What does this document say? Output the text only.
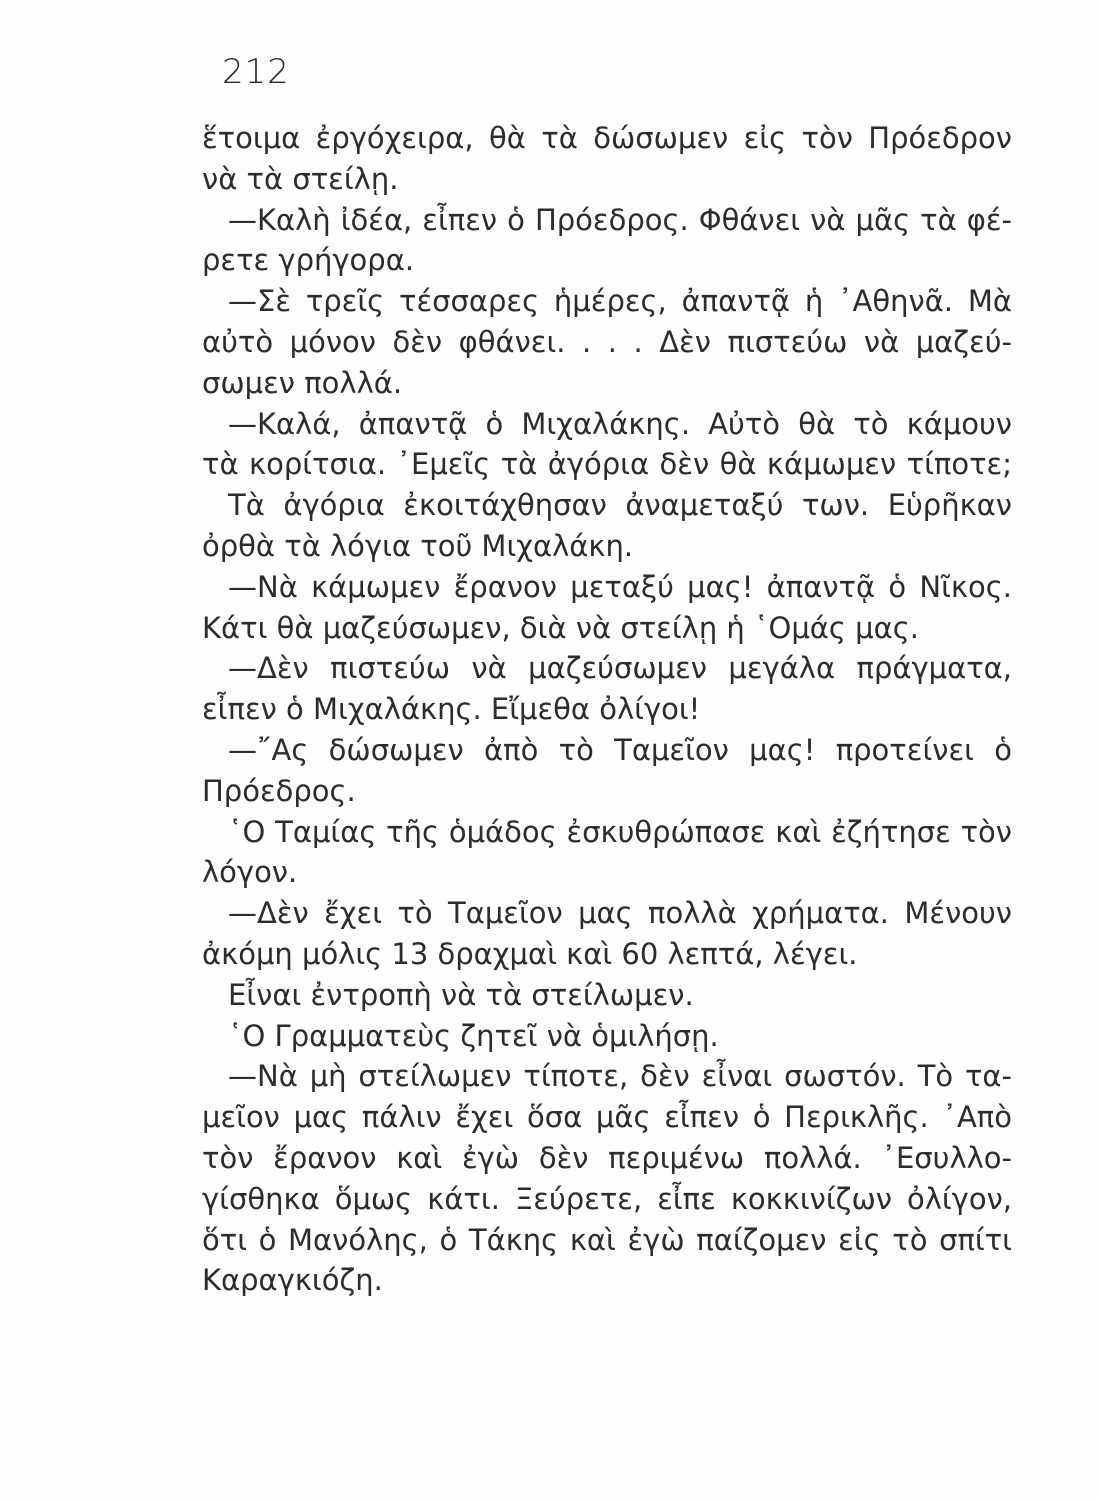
212
ἕτοιμα ἐργόχειρα, θὰ τὰ δώσωμεν εἰς τὸν Πρόεδρον
νὰ τὰ στείλῃ.
—Καλὴ ἰδέα, εἶπεν ὁ Πρόεδρος. Φθάνει νὰ μᾶς τὰ φέ-
ρετε γρήγορα.
—Σὲ τρεῖς τέσσαρες ἡμέρες, ἀπαντᾷ ἡ ᾿Αθηνᾶ. Μὰ
αὐτὸ μόνον δὲν φθάνει. . . . Δὲν πιστεύω νὰ μαζεύ-
σωμεν πολλά.
—Καλά, ἀπαντᾷ ὁ Μιχαλάκης. Αὐτὸ θὰ τὸ κάμουν
τὰ κορίτσια. ᾿Εμεῖς τὰ ἀγόρια δὲν θὰ κάμωμεν τίποτε;
Τὰ ἀγόρια ἐκοιτάχθησαν ἀναμεταξύ των. Εὑρῆκαν
ὀρθὰ τὰ λόγια τοῦ Μιχαλάκη.
—Νὰ κάμωμεν ἔρανον μεταξύ μας! ἀπαντᾷ ὁ Νῖκος.
Κάτι θὰ μαζεύσωμεν, διὰ νὰ στείλῃ ἡ ῾Ομάς μας.
—Δὲν πιστεύω νὰ μαζεύσωμεν μεγάλα πράγματα,
εἶπεν ὁ Μιχαλάκης. Εἴμεθα ὀλίγοι!
—῎Ας δώσωμεν ἀπὸ τὸ Ταμεῖον μας! προτείνει ὁ
Πρόεδρος.
῾Ο Ταμίας τῆς ὁμάδος ἐσκυθρώπασε καὶ ἐζήτησε τὸν
λόγον.
—Δὲν ἔχει τὸ Ταμεῖον μας πολλὰ χρήματα. Μένουν
ἀκόμη μόλις 13 δραχμαὶ καὶ 60 λεπτά, λέγει.
Εἶναι ἐντροπὴ νὰ τὰ στείλωμεν.
῾Ο Γραμματεὺς ζητεῖ νὰ ὁμιλήσῃ.
—Νὰ μὴ στείλωμεν τίποτε, δὲν εἶναι σωστόν. Τὸ τα-
μεῖον μας πάλιν ἔχει ὅσα μᾶς εἶπεν ὁ Περικλῆς. ᾿Απὸ
τὸν ἔρανον καὶ ἐγὼ δὲν περιμένω πολλά. ᾿Εσυλλο-
γίσθηκα ὅμως κάτι. Ξεύρετε, εἶπε κοκκινίζων ὀλίγον,
ὅτι ὁ Μανόλης, ὁ Τάκης καὶ ἐγὼ παίζομεν εἰς τὸ σπίτι
Καραγκιόζη.
